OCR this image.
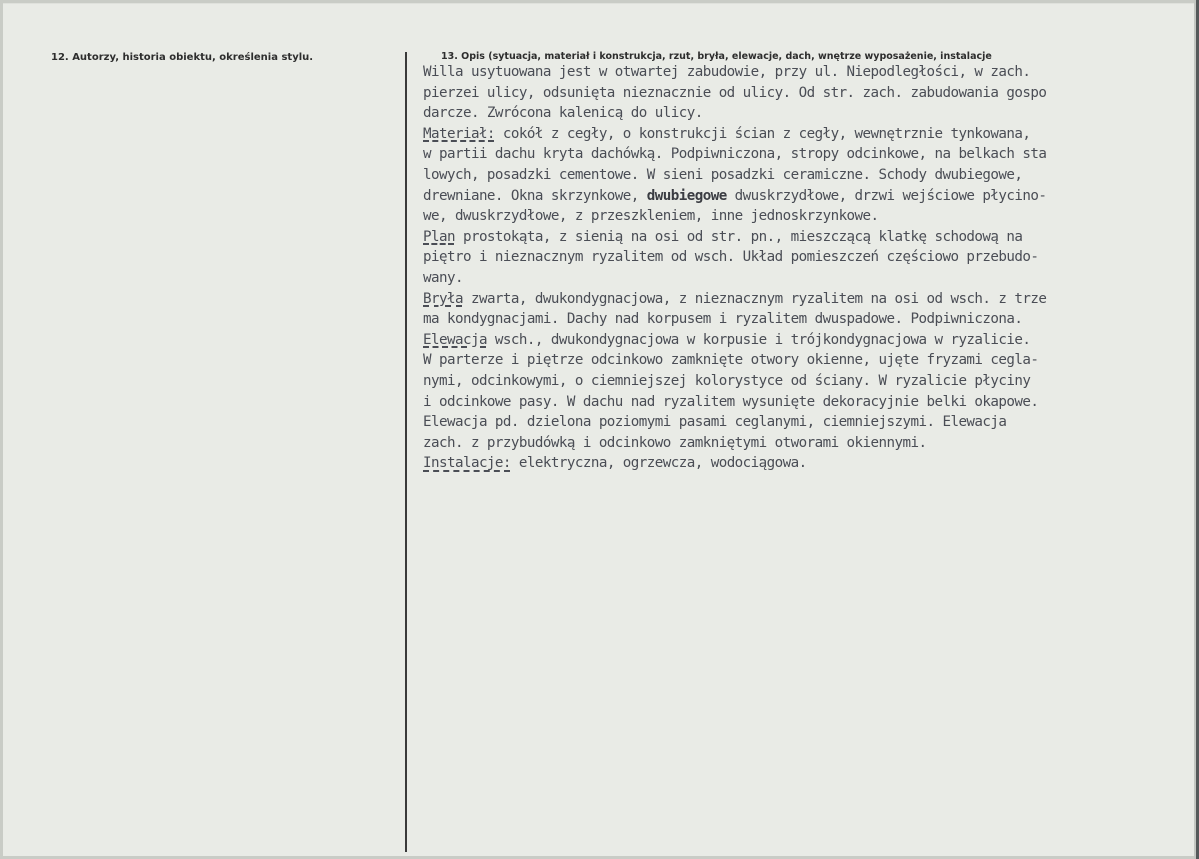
12. Autorzy, historia obiektu, określenia stylu.	13. Opis (sytuacja, materiał i konstrukcja, rzut, bryła, elewacje, dach, wnętrze wyposażenie, instalacje
Willa usytuowana jest w otwartej zabudowie, przy ul. Niepodległości, w zach.
pierzei ulicy, odsunięta nieznacznie od ulicy. Od str. zach. zabudowania gospo
darcze. Zwrócona kalenicą do ulicy.
Materiał: cokół z cegły, o konstrukcji ścian z cegły, wewnętrznie tynkowana,
w partii dachu kryta dachówką. Podpiwniczona, stropy odcinkowe, na belkach sta
lowych, posadzki cementowe. W sieni posadzki ceramiczne. Schody dwubiegowe,
drewniane. Okna skrzynkowe, dwubiegowe dwuskrzydłowe, drzwi wejściowe płycino-
we, dwuskrzydłowe, z przeszkleniem, inne jednoskrzynkowe.
Plan prostokąta, z sienią na osi od str. pn., mieszczącą klatkę schodową na
piętro i nieznacznym ryzalitem od wsch. Układ pomieszczeń częściowo przebudo-
wany.
Bryła zwarta, dwukondygnacjowa, z nieznacznym ryzalitem na osi od wsch. z trze
ma kondygnacjami. Dachy nad korpusem i ryzalitem dwuspadowe. Podpiwniczona.
Elewacja wsch., dwukondygnacjowa w korpusie i trójkondygnacjowa w ryzalicie.
W parterze i piętrze odcinkowo zamknięte otwory okienne, ujęte fryzami cegla-
nymi, odcinkowymi, o ciemniejszej kolorystyce od ściany. W ryzalicie płyciny
i odcinkowe pasy. W dachu nad ryzalitem wysunięte dekoracyjnie belki okapowe.
Elewacja pd. dzielona poziomymi pasami ceglanymi, ciemniejszymi. Elewacja
zach. z przybudówką i odcinkowo zamkniętymi otworami okiennymi.
Instalacje: elektryczna, ogrzewcza, wodociągowa.
